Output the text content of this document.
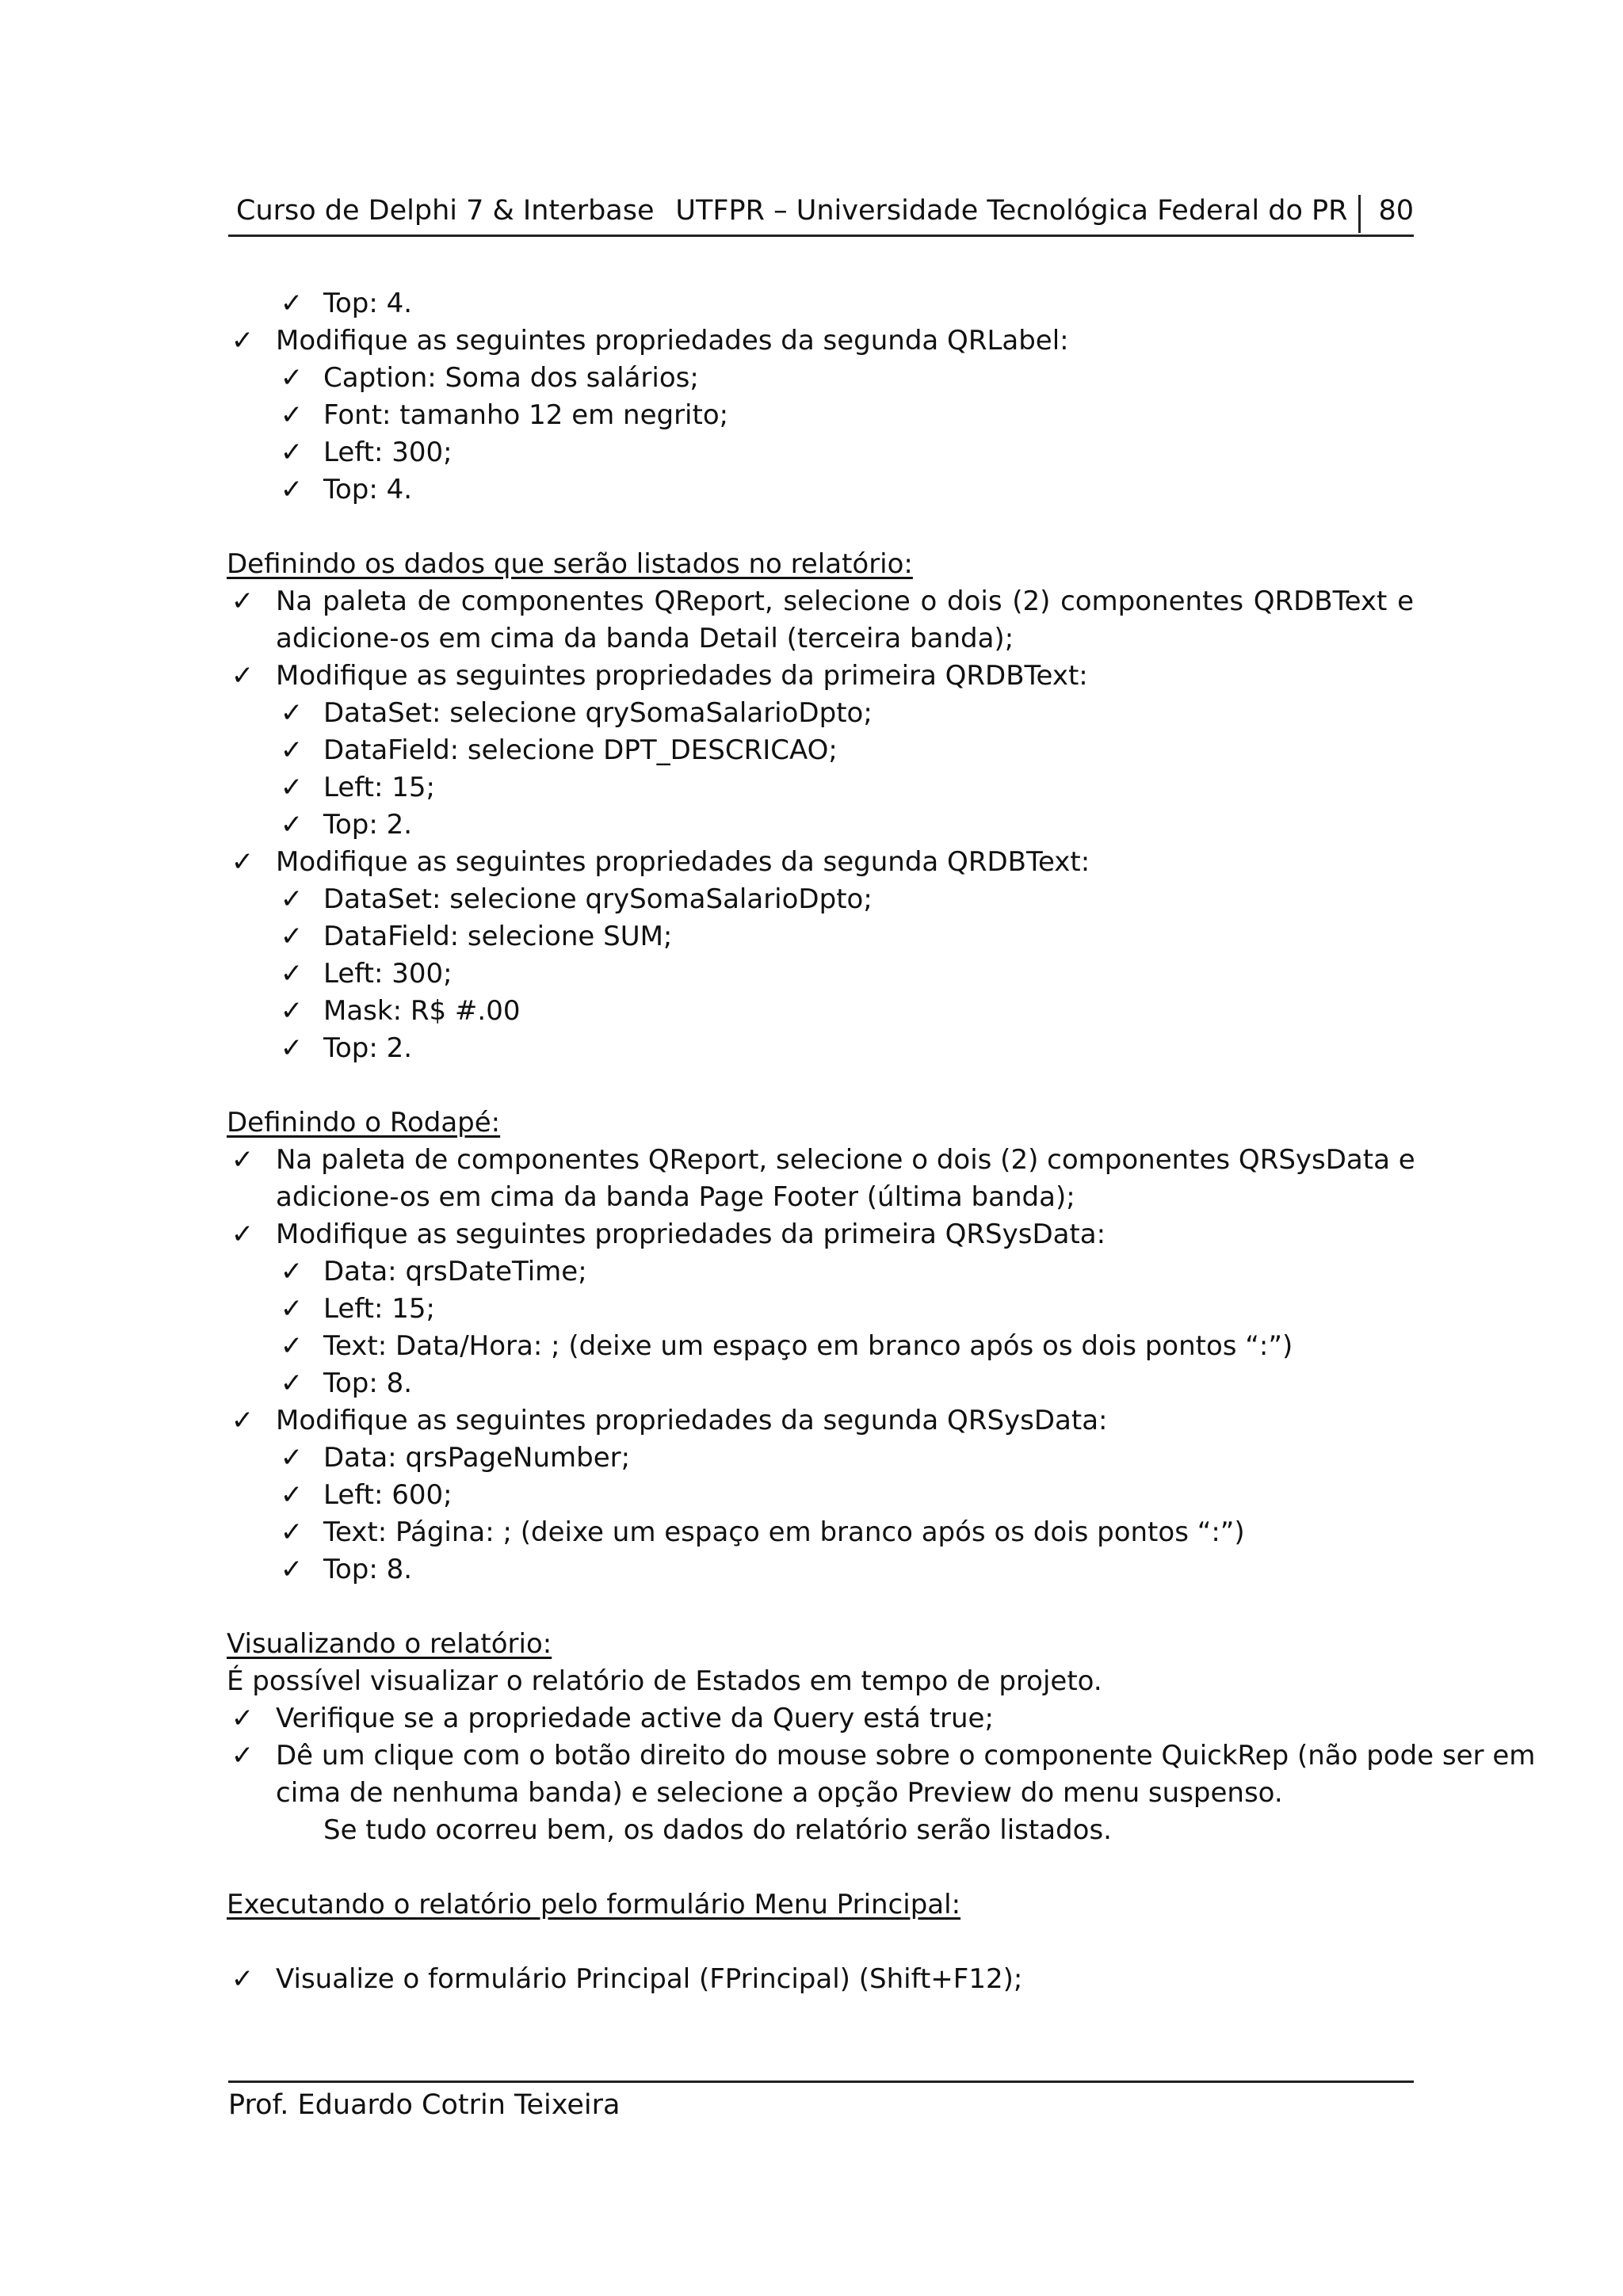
Curso de Delphi 7 & Interbase UTFPR – Universidade Tecnológica Federal do PR 80
✓ Top: 4.
✓ Modifique as seguintes propriedades da segunda QRLabel:
✓ Caption: Soma dos salários;
✓ Font: tamanho 12 em negrito;
✓ Left: 300;
✓ Top: 4.
Definindo os dados que serão listados no relatório:
✓ Na paleta de componentes QReport, selecione o dois (2) componentes QRDBText e
adicione-os em cima da banda Detail (terceira banda);
✓ Modifique as seguintes propriedades da primeira QRDBText:
✓ DataSet: selecione qrySomaSalarioDpto;
✓ DataField: selecione DPT_DESCRICAO;
✓ Left: 15;
✓ Top: 2.
✓ Modifique as seguintes propriedades da segunda QRDBText:
✓ DataSet: selecione qrySomaSalarioDpto;
✓ DataField: selecione SUM;
✓ Left: 300;
✓ Mask: R$ #.00
✓ Top: 2.
Definindo o Rodapé:
✓ Na paleta de componentes QReport, selecione o dois (2) componentes QRSysData e
adicione-os em cima da banda Page Footer (última banda);
✓ Modifique as seguintes propriedades da primeira QRSysData:
✓ Data: qrsDateTime;
✓ Left: 15;
✓ Text: Data/Hora: ; (deixe um espaço em branco após os dois pontos “:”)
✓ Top: 8.
✓ Modifique as seguintes propriedades da segunda QRSysData:
✓ Data: qrsPageNumber;
✓ Left: 600;
✓ Text: Página: ; (deixe um espaço em branco após os dois pontos “:”)
✓ Top: 8.
Visualizando o relatório:
É possível visualizar o relatório de Estados em tempo de projeto.
✓ Verifique se a propriedade active da Query está true;
✓ Dê um clique com o botão direito do mouse sobre o componente QuickRep (não pode ser em
cima de nenhuma banda) e selecione a opção Preview do menu suspenso.
Se tudo ocorreu bem, os dados do relatório serão listados.
Executando o relatório pelo formulário Menu Principal:
✓ Visualize o formulário Principal (FPrincipal) (Shift+F12);
Prof. Eduardo Cotrin Teixeira
